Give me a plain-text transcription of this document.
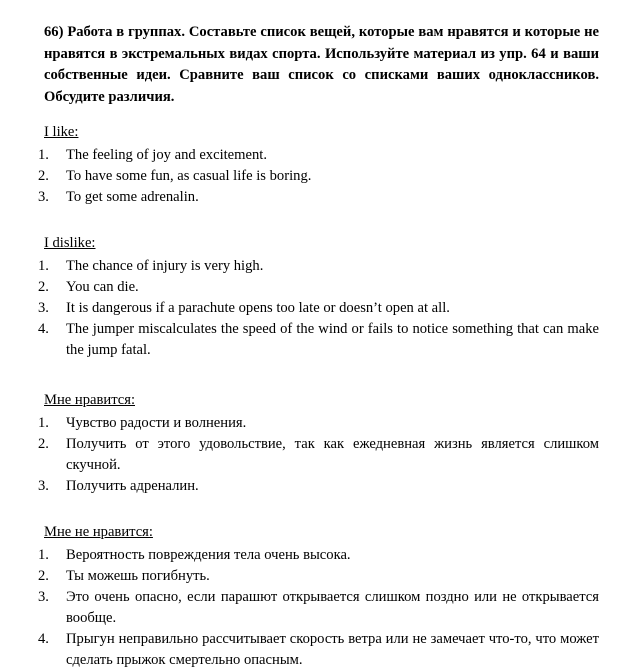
66) Работа в группах. Составьте список вещей, которые вам нравятся и которые не нравятся в экстремальных видах спорта. Используйте материал из упр. 64 и ваши собственные идеи. Сравните ваш список со списками ваших одноклассников. Обсудите различия.

I like:
1.	The feeling of joy and excitement.
2.	To have some fun, as casual life is boring.
3.	To get some adrenalin.
I dislike:
1.	The chance of injury is very high.
2.	You can die.
3.	It is dangerous if a parachute opens too late or doesn’t open at all.
4.	The jumper miscalculates the speed of the wind or fails to notice something that can make the jump fatal.
Мне нравится:
1.	Чувство радости и волнения.
2.	Получить от этого удовольствие, так как ежедневная жизнь является слишком скучной.
3.	Получить адреналин.
Мне не нравится:
1.	Вероятность повреждения тела очень высока.
2.	Ты можешь погибнуть.
3.	Это очень опасно, если парашют открывается слишком поздно или не открывается вообще.
4.	Прыгун неправильно рассчитывает скорость ветра или не замечает что-то, что может сделать прыжок смертельно опасным.
